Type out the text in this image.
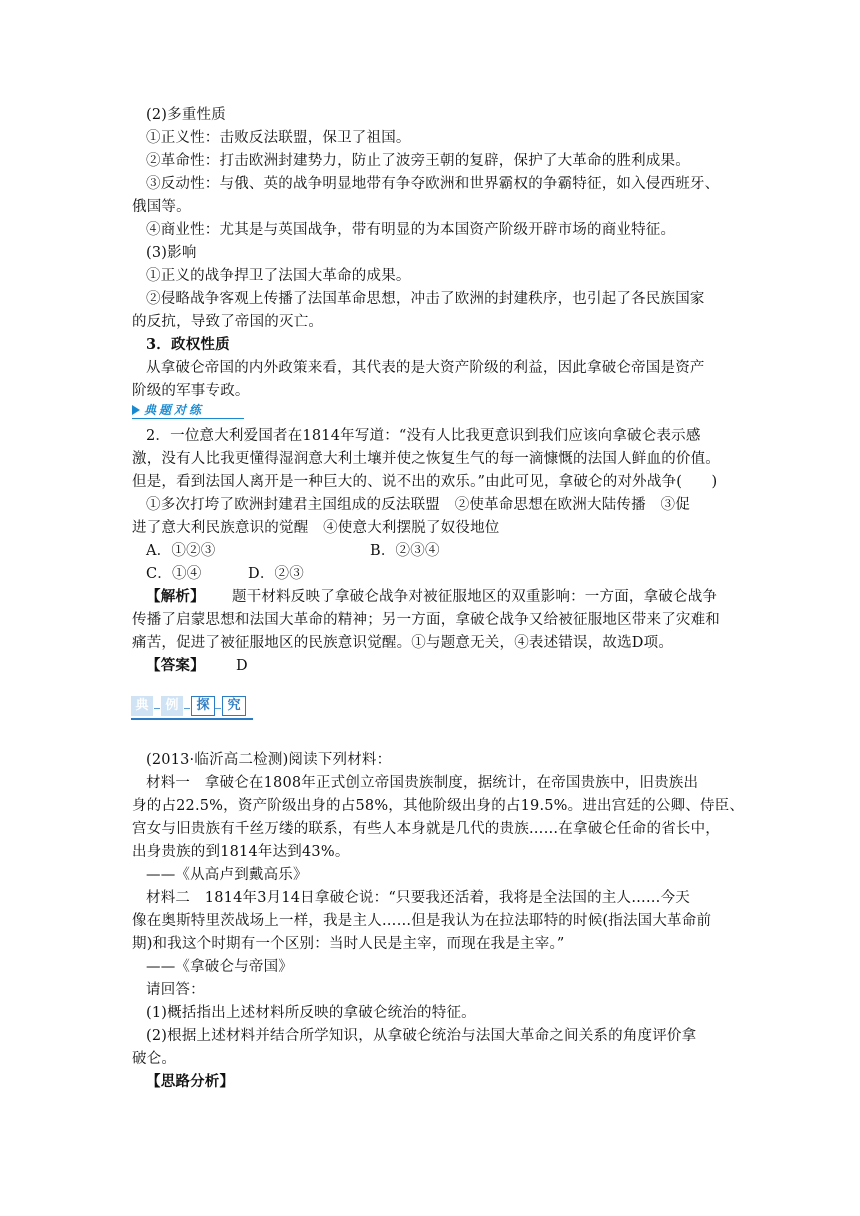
(2)多重性质
①正义性：击败反法联盟，保卫了祖国。
②革命性：打击欧洲封建势力，防止了波旁王朝的复辟，保护了大革命的胜利成果。
③反动性：与俄、英的战争明显地带有争夺欧洲和世界霸权的争霸特征，如入侵西班牙、
俄国等。
④商业性：尤其是与英国战争，带有明显的为本国资产阶级开辟市场的商业特征。
(3)影响
①正义的战争捍卫了法国大革命的成果。
②侵略战争客观上传播了法国革命思想，冲击了欧洲的封建秩序，也引起了各民族国家
的反抗，导致了帝国的灭亡。
3．政权性质
从拿破仑帝国的内外政策来看，其代表的是大资产阶级的利益，因此拿破仑帝国是资产
阶级的军事专政。
典题对练
2．一位意大利爱国者在1814年写道：“没有人比我更意识到我们应该向拿破仑表示感
激，没有人比我更懂得湿润意大利土壤并使之恢复生气的每一滴慷慨的法国人鲜血的价值。
但是，看到法国人离开是一种巨大的、说不出的欢乐。”由此可见，拿破仑的对外战争(　　)
①多次打垮了欧洲封建君主国组成的反法联盟　②使革命思想在欧洲大陆传播　③促
进了意大利民族意识的觉醒　④使意大利摆脱了奴役地位
A．①②③	B．②③④
C．①④	D．②③
【解析】	题干材料反映了拿破仑战争对被征服地区的双重影响：一方面，拿破仑战争
传播了启蒙思想和法国大革命的精神；另一方面，拿破仑战争又给被征服地区带来了灾难和
痛苦，促进了被征服地区的民族意识觉醒。①与题意无关，④表述错误，故选D项。
【答案】	D
典	例	探	究
(2013·临沂高二检测)阅读下列材料：
材料一　拿破仑在1808年正式创立帝国贵族制度，据统计，在帝国贵族中，旧贵族出
身的占22.5%，资产阶级出身的占58%，其他阶级出身的占19.5%。进出宫廷的公卿、侍臣、
宫女与旧贵族有千丝万缕的联系，有些人本身就是几代的贵族……在拿破仑任命的省长中，
出身贵族的到1814年达到43%。
——《从高卢到戴高乐》
材料二　1814年3月14日拿破仑说：“只要我还活着，我将是全法国的主人……今天
像在奥斯特里茨战场上一样，我是主人……但是我认为在拉法耶特的时候(指法国大革命前
期)和我这个时期有一个区别：当时人民是主宰，而现在我是主宰。”
——《拿破仑与帝国》
请回答：
(1)概括指出上述材料所反映的拿破仑统治的特征。
(2)根据上述材料并结合所学知识，从拿破仑统治与法国大革命之间关系的角度评价拿
破仑。
【思路分析】
